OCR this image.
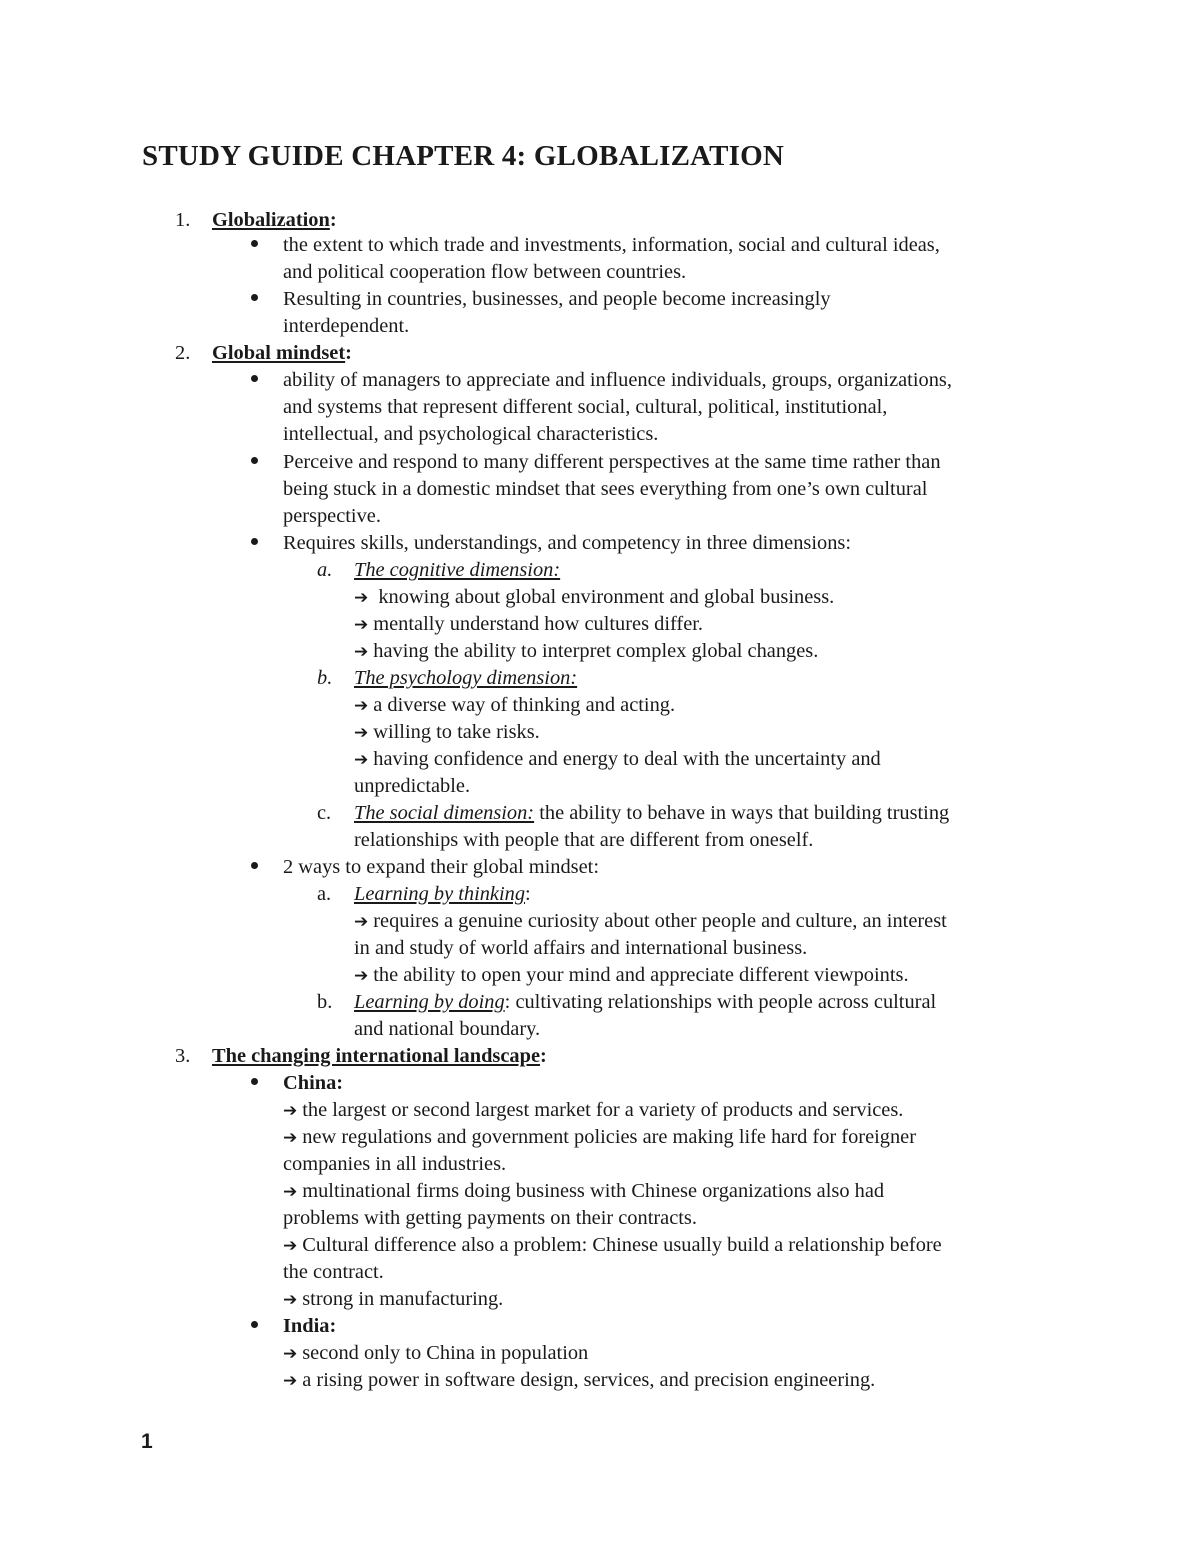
STUDY GUIDE CHAPTER 4: GLOBALIZATION
1. Globalization:
the extent to which trade and investments, information, social and cultural ideas,
and political cooperation flow between countries.
Resulting in countries, businesses, and people become increasingly
interdependent.
2. Global mindset:
ability of managers to appreciate and influence individuals, groups, organizations,
and systems that represent different social, cultural, political, institutional,
intellectual, and psychological characteristics.
Perceive and respond to many different perspectives at the same time rather than
being stuck in a domestic mindset that sees everything from one’s own cultural
perspective.
Requires skills, understandings, and competency in three dimensions:
a. The cognitive dimension:
➔ knowing about global environment and global business.
➔ mentally understand how cultures differ.
➔ having the ability to interpret complex global changes.
b. The psychology dimension:
➔ a diverse way of thinking and acting.
➔ willing to take risks.
➔ having confidence and energy to deal with the uncertainty and
unpredictable.
c. The social dimension: the ability to behave in ways that building trusting
relationships with people that are different from oneself.
2 ways to expand their global mindset:
a. Learning by thinking:
➔ requires a genuine curiosity about other people and culture, an interest
in and study of world affairs and international business.
➔ the ability to open your mind and appreciate different viewpoints.
b. Learning by doing: cultivating relationships with people across cultural
and national boundary.
3. The changing international landscape:
China:
➔ the largest or second largest market for a variety of products and services.
➔ new regulations and government policies are making life hard for foreigner
companies in all industries.
➔ multinational firms doing business with Chinese organizations also had
problems with getting payments on their contracts.
➔ Cultural difference also a problem: Chinese usually build a relationship before
the contract.
➔ strong in manufacturing.
India:
➔ second only to China in population
➔ a rising power in software design, services, and precision engineering.
1
